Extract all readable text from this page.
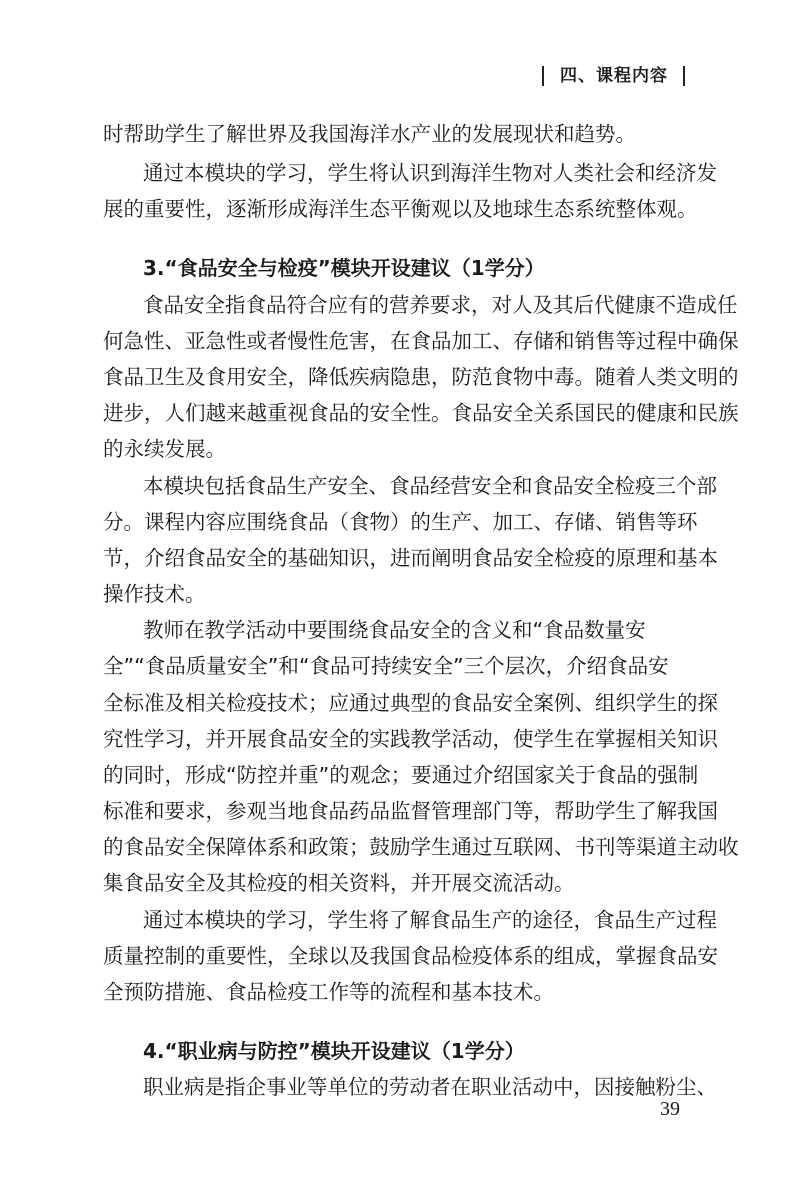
四、课程内容
时帮助学生了解世界及我国海洋水产业的发展现状和趋势。
通过本模块的学习，学生将认识到海洋生物对人类社会和经济发
展的重要性，逐渐形成海洋生态平衡观以及地球生态系统整体观。
3.“食品安全与检疫”模块开设建议（1学分）
食品安全指食品符合应有的营养要求，对人及其后代健康不造成任
何急性、亚急性或者慢性危害，在食品加工、存储和销售等过程中确保
食品卫生及食用安全，降低疾病隐患，防范食物中毒。随着人类文明的
进步，人们越来越重视食品的安全性。食品安全关系国民的健康和民族
的永续发展。
本模块包括食品生产安全、食品经营安全和食品安全检疫三个部
分。课程内容应围绕食品（食物）的生产、加工、存储、销售等环
节，介绍食品安全的基础知识，进而阐明食品安全检疫的原理和基本
操作技术。
教师在教学活动中要围绕食品安全的含义和“食品数量安
全”“食品质量安全”和“食品可持续安全”三个层次，介绍食品安
全标准及相关检疫技术；应通过典型的食品安全案例、组织学生的探
究性学习，并开展食品安全的实践教学活动，使学生在掌握相关知识
的同时，形成“防控并重”的观念；要通过介绍国家关于食品的强制
标准和要求，参观当地食品药品监督管理部门等，帮助学生了解我国
的食品安全保障体系和政策；鼓励学生通过互联网、书刊等渠道主动收
集食品安全及其检疫的相关资料，并开展交流活动。
通过本模块的学习，学生将了解食品生产的途径，食品生产过程
质量控制的重要性，全球以及我国食品检疫体系的组成，掌握食品安
全预防措施、食品检疫工作等的流程和基本技术。
4.“职业病与防控”模块开设建议（1学分）
职业病是指企事业等单位的劳动者在职业活动中，因接触粉尘、
39
